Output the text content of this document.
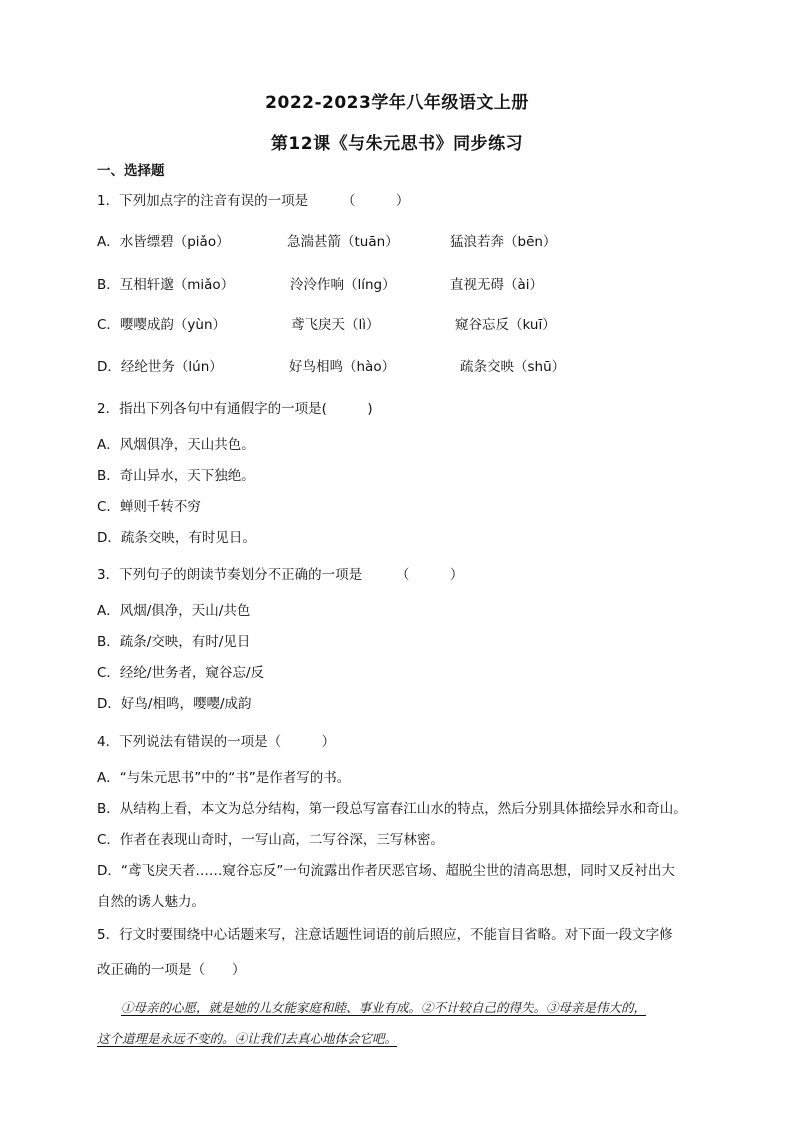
2022-2023学年八年级语文上册
第12课《与朱元思书》同步练习
一、选择题
1．下列加点字的注音有误的一项是　　　（　　　）
A．水皆缥碧（piǎo）	急湍甚箭（tuān）	猛浪若奔（bēn）
B．互相轩邈（miǎo）	泠泠作响（líng）	直视无碍（ài）
C．嘤嘤成韵（yùn）	鸢飞戾天（lì）	窥谷忘反（kuī）
D．经纶世务（lún）	好鸟相鸣（hào）	疏条交映（shū）
2．指出下列各句中有通假字的一项是(　　　)
A．风烟俱净，天山共色。
B．奇山异水，天下独绝。
C．蝉则千转不穷
D．疏条交映，有时见日。
3．下列句子的朗读节奏划分不正确的一项是　　　（　　　）
A．风烟/俱净，天山/共色
B．疏条/交映，有时/见日
C．经纶/世务者，窥谷忘/反
D．好鸟/相鸣，嘤嘤/成韵
4．下列说法有错误的一项是（　　　）
A．“与朱元思书”中的“书”是作者写的书。
B．从结构上看，本文为总分结构，第一段总写富春江山水的特点，然后分别具体描绘异水和奇山。
C．作者在表现山奇时，一写山高，二写谷深，三写林密。
D．“鸢飞戾天者……窥谷忘反”一句流露出作者厌恶官场、超脱尘世的清高思想，同时又反衬出大
自然的诱人魅力。
5．行文时要围绕中心话题来写，注意话题性词语的前后照应，不能盲目省略。对下面一段文字修
改正确的一项是（　　）
①母亲的心愿，就是她的儿女能家庭和睦、事业有成。②不计较自己的得失。③母亲是伟大的，
这个道理是永远不变的。④让我们去真心地体会它吧。
